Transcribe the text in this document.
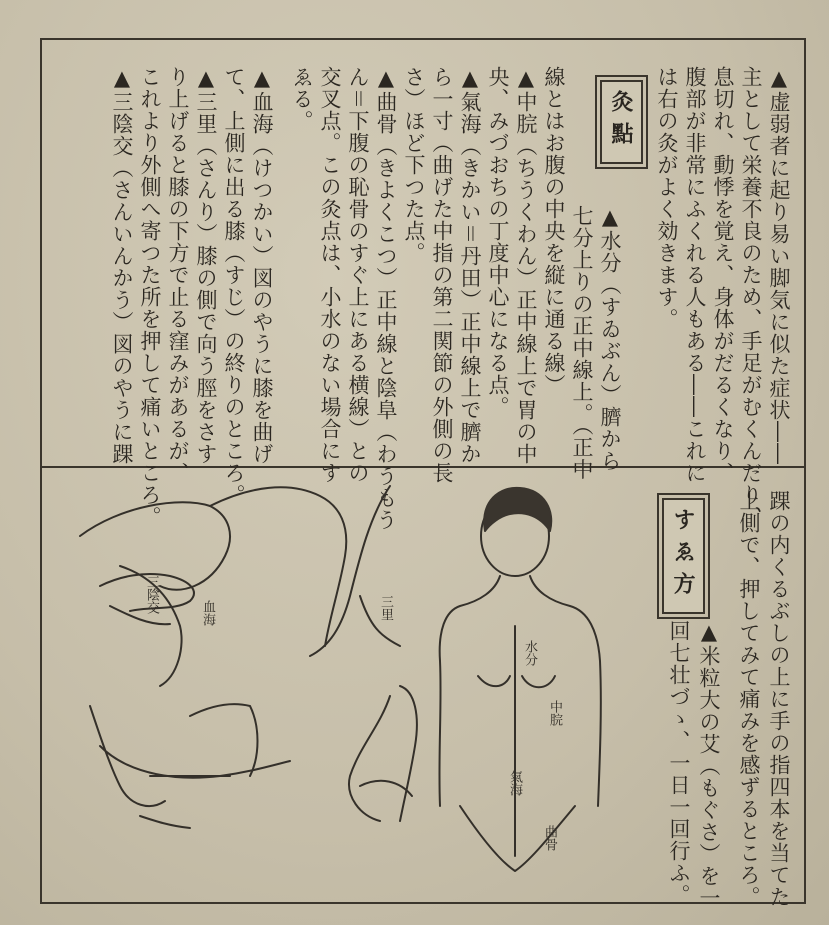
▲虚弱者に起り易い脚気に似た症状――
主として栄養不良のため、手足がむくんだり、
息切れ、動悸を覚え、身体がだるくなり、
腹部が非常にふくれる人もある――これに
は右の灸がよく効きます。
灸點
▲水分（すゐぶん）臍から
七分上りの正中線上。（正中
線とはお腹の中央を縦に通る線）
▲中脘（ちうくわん）正中線上で胃の中
央、みづおちの丁度中心になる点。
▲氣海（きかい＝丹田）正中線上で臍か
ら一寸（曲げた中指の第二関節の外側の長
さ）ほど下つた点。
▲曲骨（きよくこつ）正中線と陰阜（わうもう
ん＝下腹の恥骨のすぐ上にある横線）との
交叉点。この灸点は、小水のない場合にす
ゑる。
▲血海（けつかい）図のやうに膝を曲げ
て、上側に出る膝（すじ）の終りのところ。
▲三里（さんり）膝の側で向う脛をさす
り上げると膝の下方で止る窪みがあるが、
これより外側へ寄つた所を押して痛いところ。
▲三陰交（さんいんかう）図のやうに踝
踝の内くるぶしの上に手の指四本を当てた
上側で、押してみて痛みを感ずるところ。
すゑ方
▲米粒大の艾（もぐさ）を一
回七壮づゝ、一日一回行ふ。
三陰交	血海	三里
水分
中脘
氣海
曲骨
